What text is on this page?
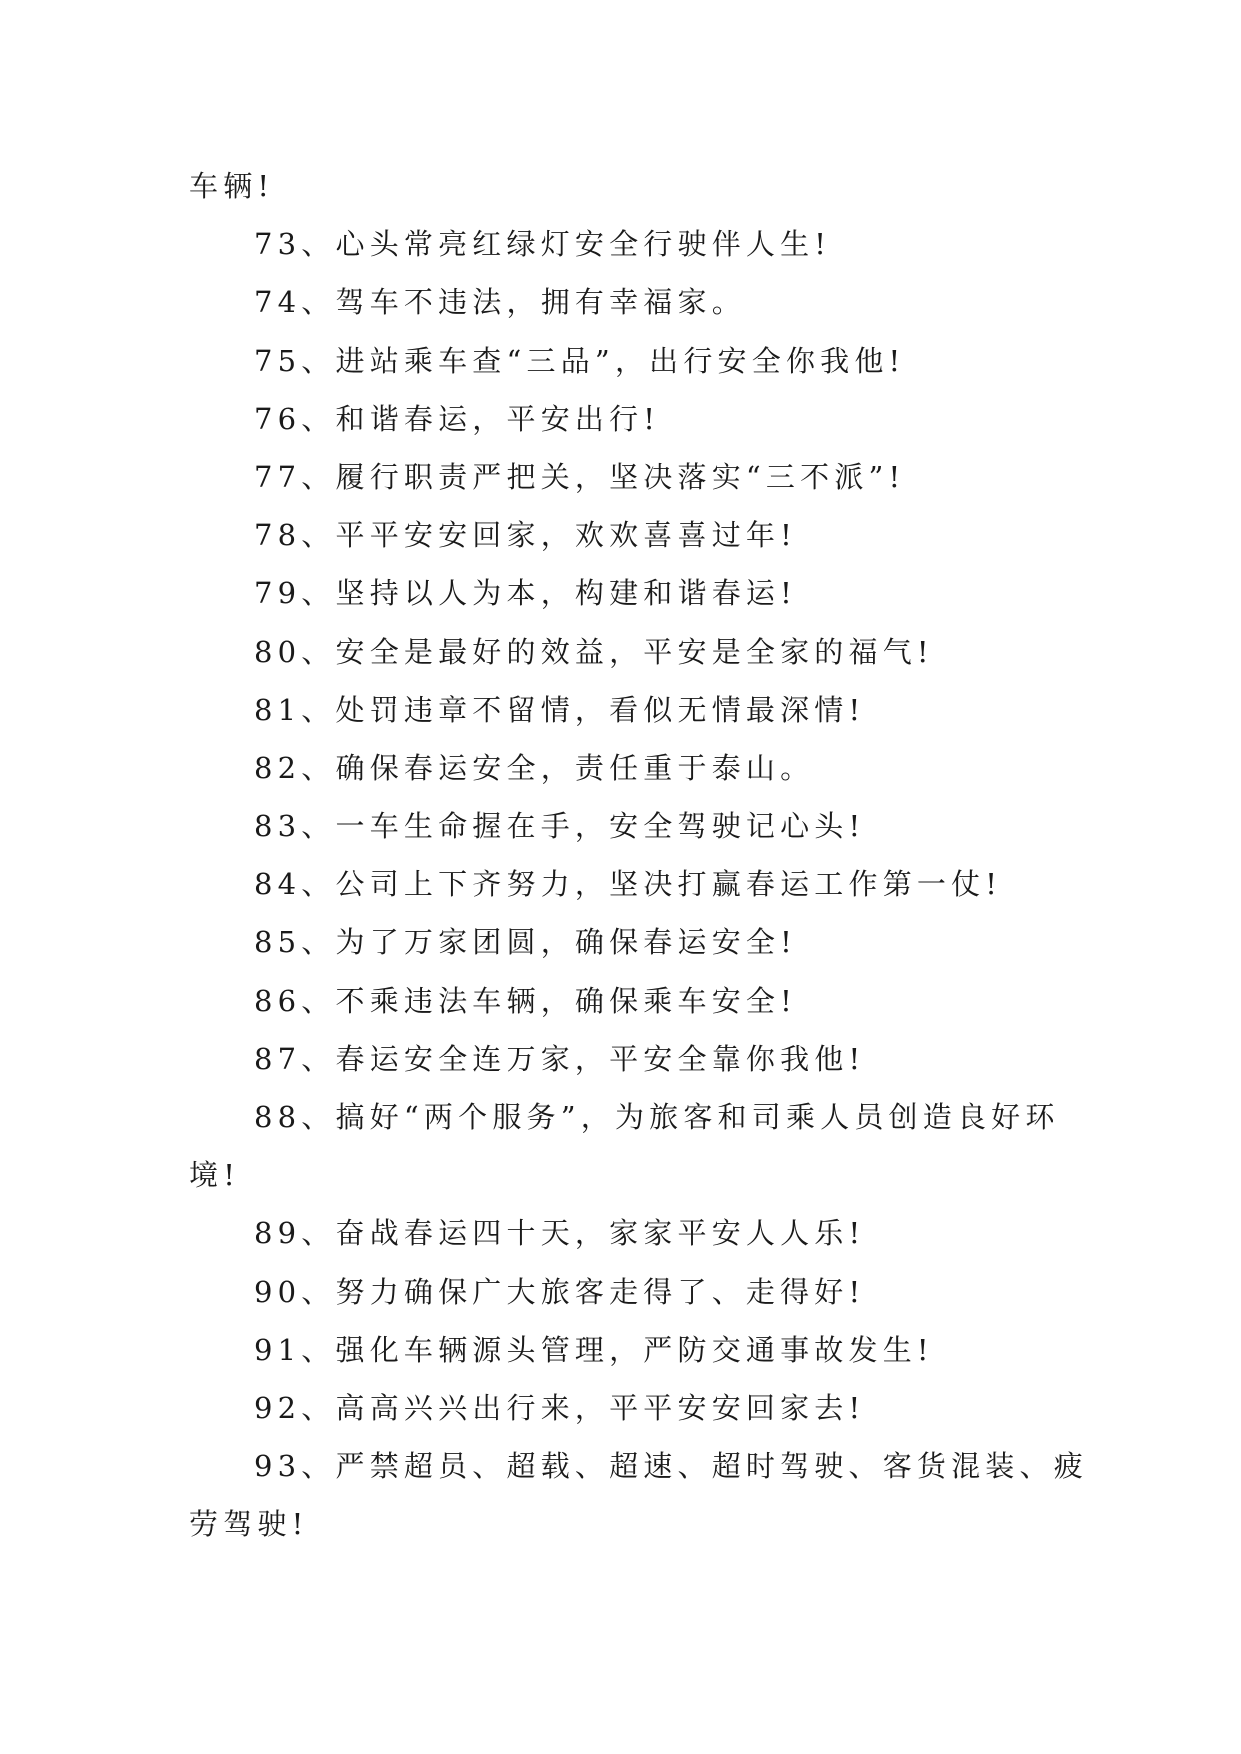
车辆!
73、心头常亮红绿灯安全行驶伴人生!
74、驾车不违法，拥有幸福家。
75、进站乘车查“三品”，出行安全你我他!
76、和谐春运，平安出行!
77、履行职责严把关，坚决落实“三不派”!
78、平平安安回家，欢欢喜喜过年!
79、坚持以人为本，构建和谐春运!
80、安全是最好的效益，平安是全家的福气!
81、处罚违章不留情，看似无情最深情!
82、确保春运安全，责任重于泰山。
83、一车生命握在手，安全驾驶记心头!
84、公司上下齐努力，坚决打赢春运工作第一仗!
85、为了万家团圆，确保春运安全!
86、不乘违法车辆，确保乘车安全!
87、春运安全连万家，平安全靠你我他!
88、搞好“两个服务”，为旅客和司乘人员创造良好环
境!
89、奋战春运四十天，家家平安人人乐!
90、努力确保广大旅客走得了、走得好!
91、强化车辆源头管理，严防交通事故发生!
92、高高兴兴出行来，平平安安回家去!
93、严禁超员、超载、超速、超时驾驶、客货混装、疲
劳驾驶!
